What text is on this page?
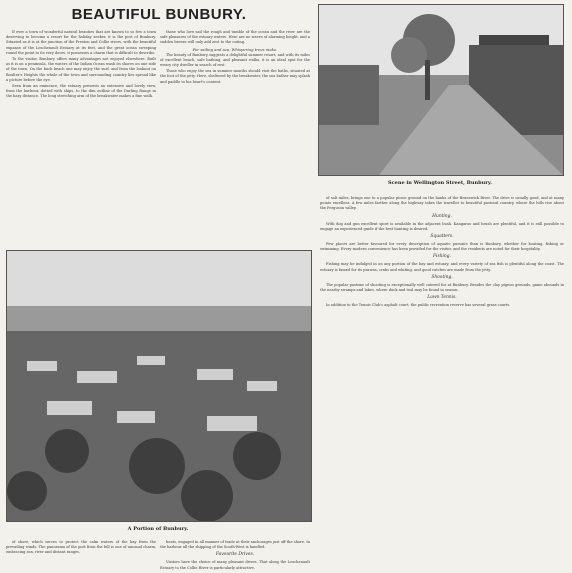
BEAUTIFUL BUNBURY.

If ever a town of wonderful natural beauties that are known to so few a town deserving to become a resort for the holiday seeker, it is the port of Bunbury. Situated as it is at the junction of the Preston and Collie rivers, with the beautiful expanse of the Leschenault Estuary at its feet, and the great ocean sweeping round the point to its very doors, it possesses a charm that is difficult to describe.

To the visitor, Bunbury offers many advantages not enjoyed elsewhere. Built as it is on a peninsula, the waters of the Indian Ocean wash its shores on one side of the town. On the back beach one may enjoy the surf, and from the lookout on Boulter's Heights the whole of the town and surrounding country lies spread like a picture before the eye.

Seen from an eminence, the estuary presents an extensive and lovely view, from the harbour, dotted with ships, to the dim outline of the Darling Range in the hazy distance. The long stretching arm of the breakwater makes a fine walk.

those who love sail the rough and tumble of the ocean and the river are the safe pleasures of the estuary waters. Here are no waves of alarming height, and a sudden breeze will only add zest to the outing.

For sailing and sea, Whispering trees make.

The beauty of Bunbury suggests a delightful summer resort, and with its miles of excellent beach, safe bathing, and pleasant walks, it is an ideal spot for the weary city dweller in search of rest.

Those who enjoy the sea in summer months should visit the baths, situated at the foot of the jetty. Here, sheltered by the breakwater, the sea bather may splash and paddle to his heart's content.

Scene in Wellington Street, Bunbury.

of salt miles, brings one to a popular picnic ground on the banks of the Brunswick River. The drive is usually good, and at many points excellent. A few miles farther along the highway takes the traveller to beautiful pastoral country, where the hills rise about the Ferguson valley.

Hunting.

With dog and gun excellent sport is available in the adjacent bush. Kangaroo and brush are plentiful, and it is still possible to engage an experienced guide if the best hunting is desired.

Squatters.

Few places are better favoured for every description of aquatic pursuits than is Bunbury, whether for boating, fishing or swimming. Every modern convenience has been provided for the visitor, and the residents are noted for their hospitality.

Fishing.

Fishing may be indulged in on any portion of the bay and estuary, and every variety of sea fish is plentiful along the coast. The estuary is famed for its prawns, crabs and whiting, and good catches are made from the jetty.

Shooting.

The popular pastime of shooting is exceptionally well catered for at Bunbury. Besides the clay pigeon grounds, game abounds in the nearby swamps and lakes, where duck and teal may be found in season.

Lawn Tennis.

In addition to the Tennis Club's asphalt court, the public recreation reserve has several grass courts.

A Portion of Bunbury.

of shore, which serves to protect the calm waters of the bay from the prevailing winds. The panorama of the port from the hill is one of unusual charm, embracing sea, river and distant ranges.

boats, engaged in all manner of trade at their anchorages just off the shore. In the harbour all the shipping of the South-West is handled.

Favourite Drives.

Visitors have the choice of many pleasant drives. That along the Leschenault Estuary to the Collie River is particularly attractive.
